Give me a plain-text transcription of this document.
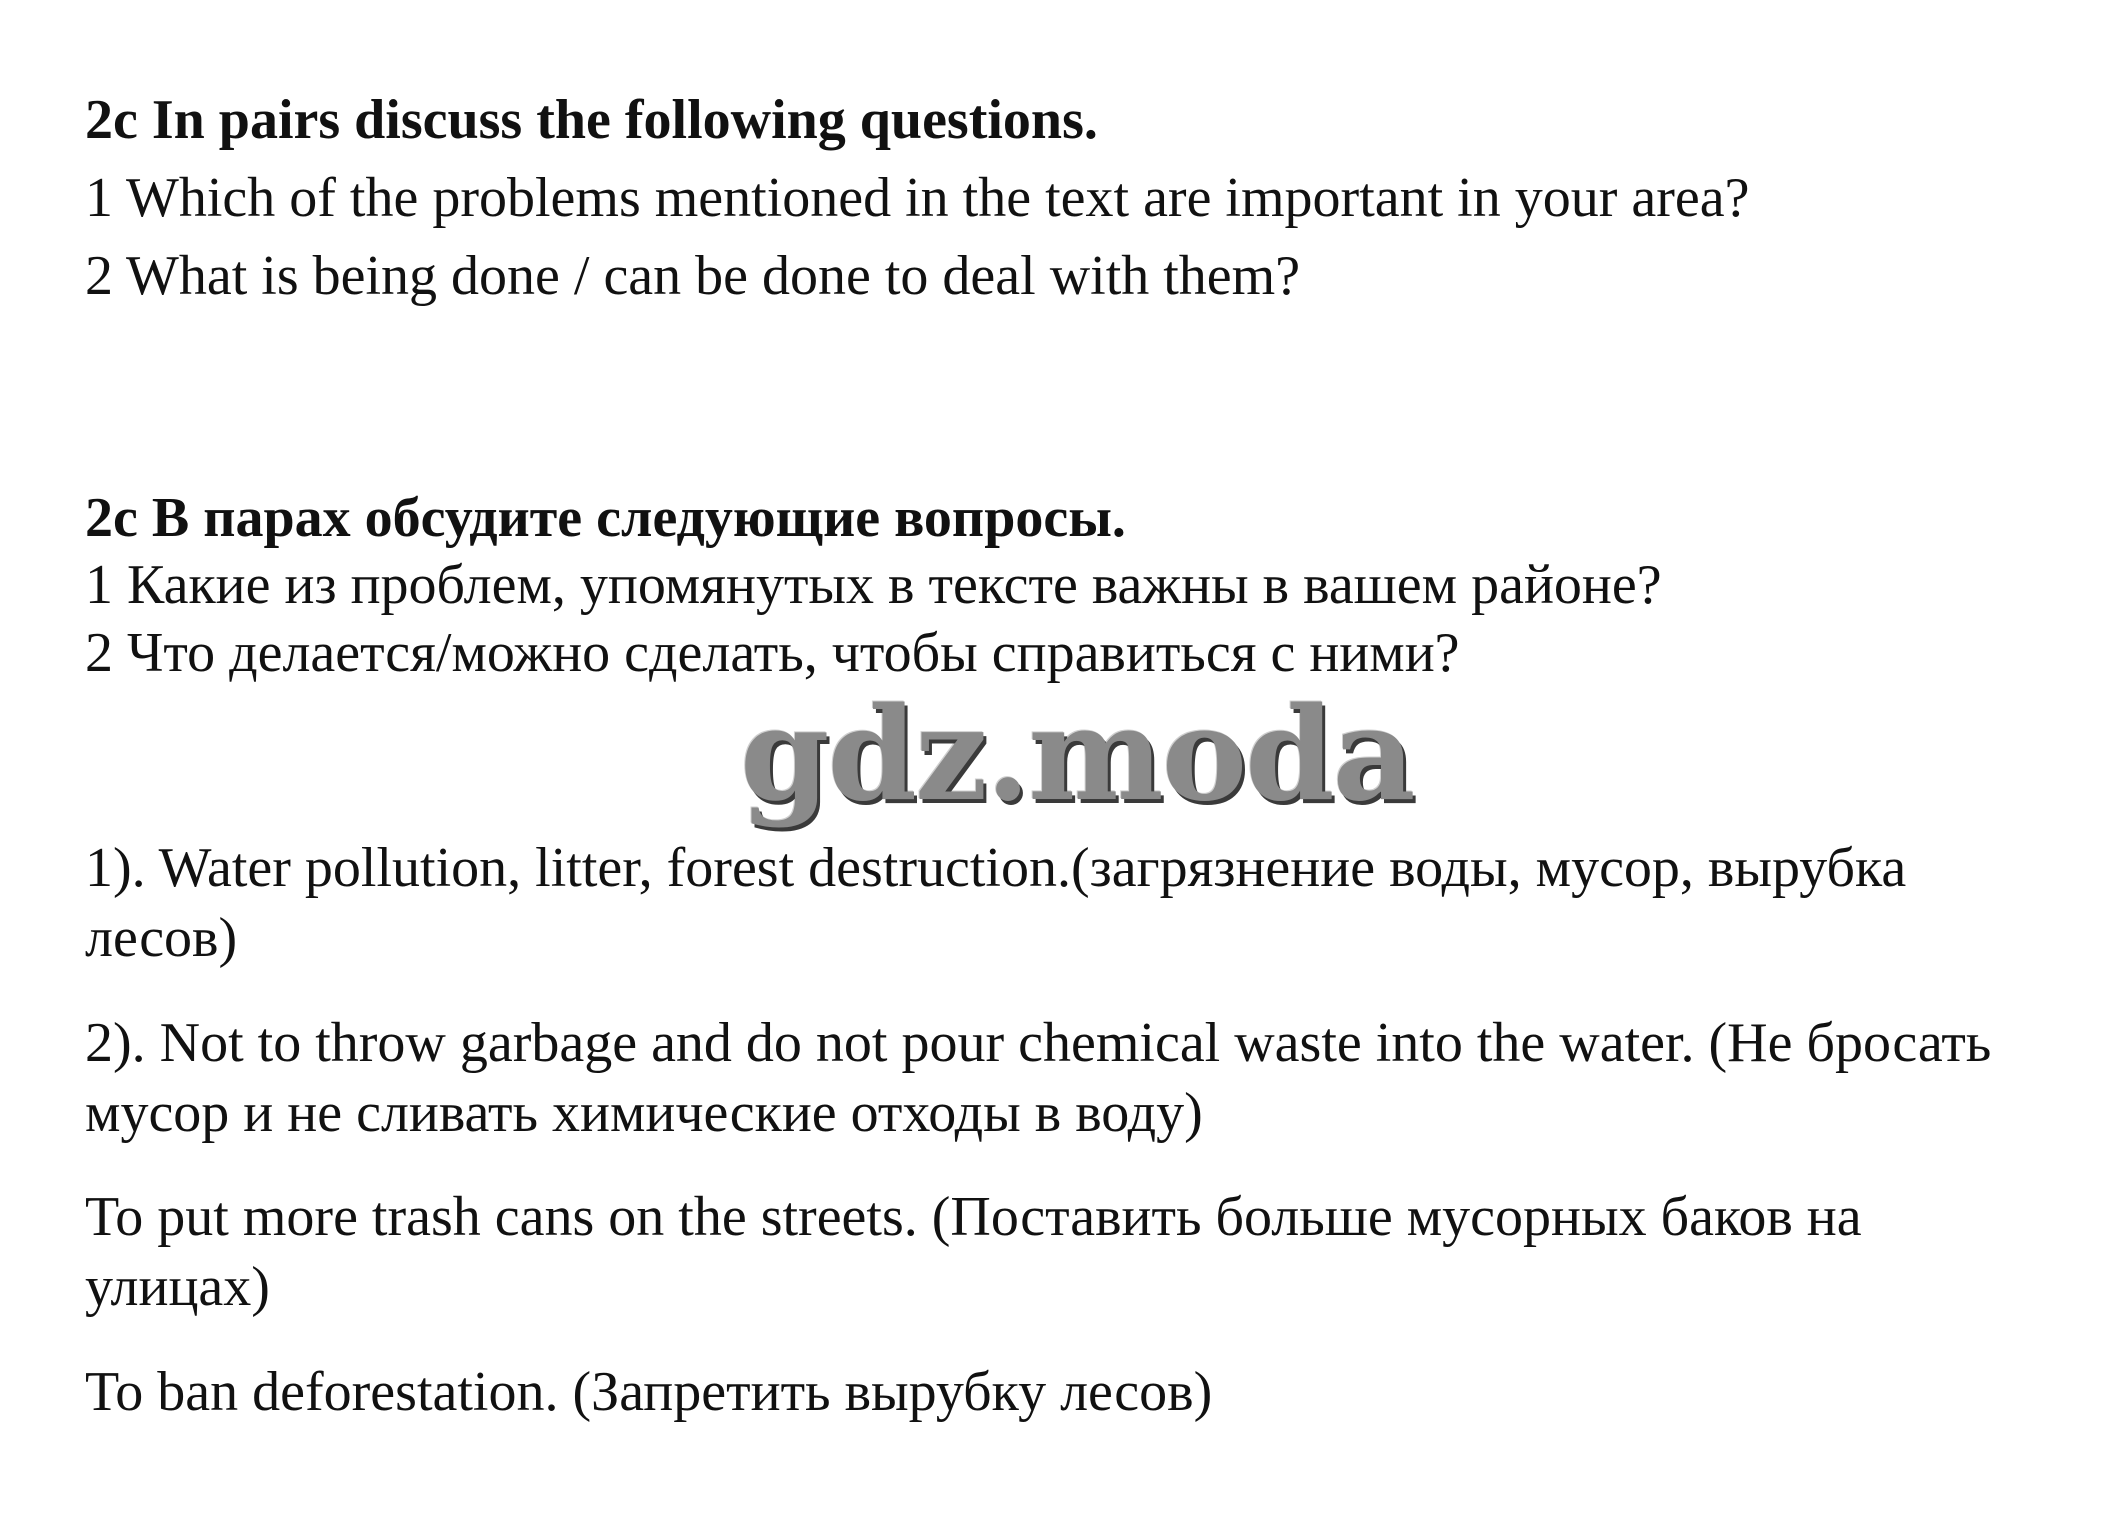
2c In pairs discuss the following questions.

1 Which of the problems mentioned in the text are important in your area?

2 What is being done / can be done to deal with them?

2c В парах обсудите следующие вопросы.

1 Какие из проблем, упомянутых в тексте важны в вашем районе?

2 Что делается/можно сделать, чтобы справиться с ними?

gdz.moda

1). Water pollution, litter, forest destruction.(загрязнение воды, мусор, вырубка лесов)

2). Not to throw garbage and do not pour chemical waste into the water. (Не бросать мусор и не сливать химические отходы в воду)

To put more trash cans on the streets. (Поставить больше мусорных баков на улицах)

To ban deforestation. (Запретить вырубку лесов)
